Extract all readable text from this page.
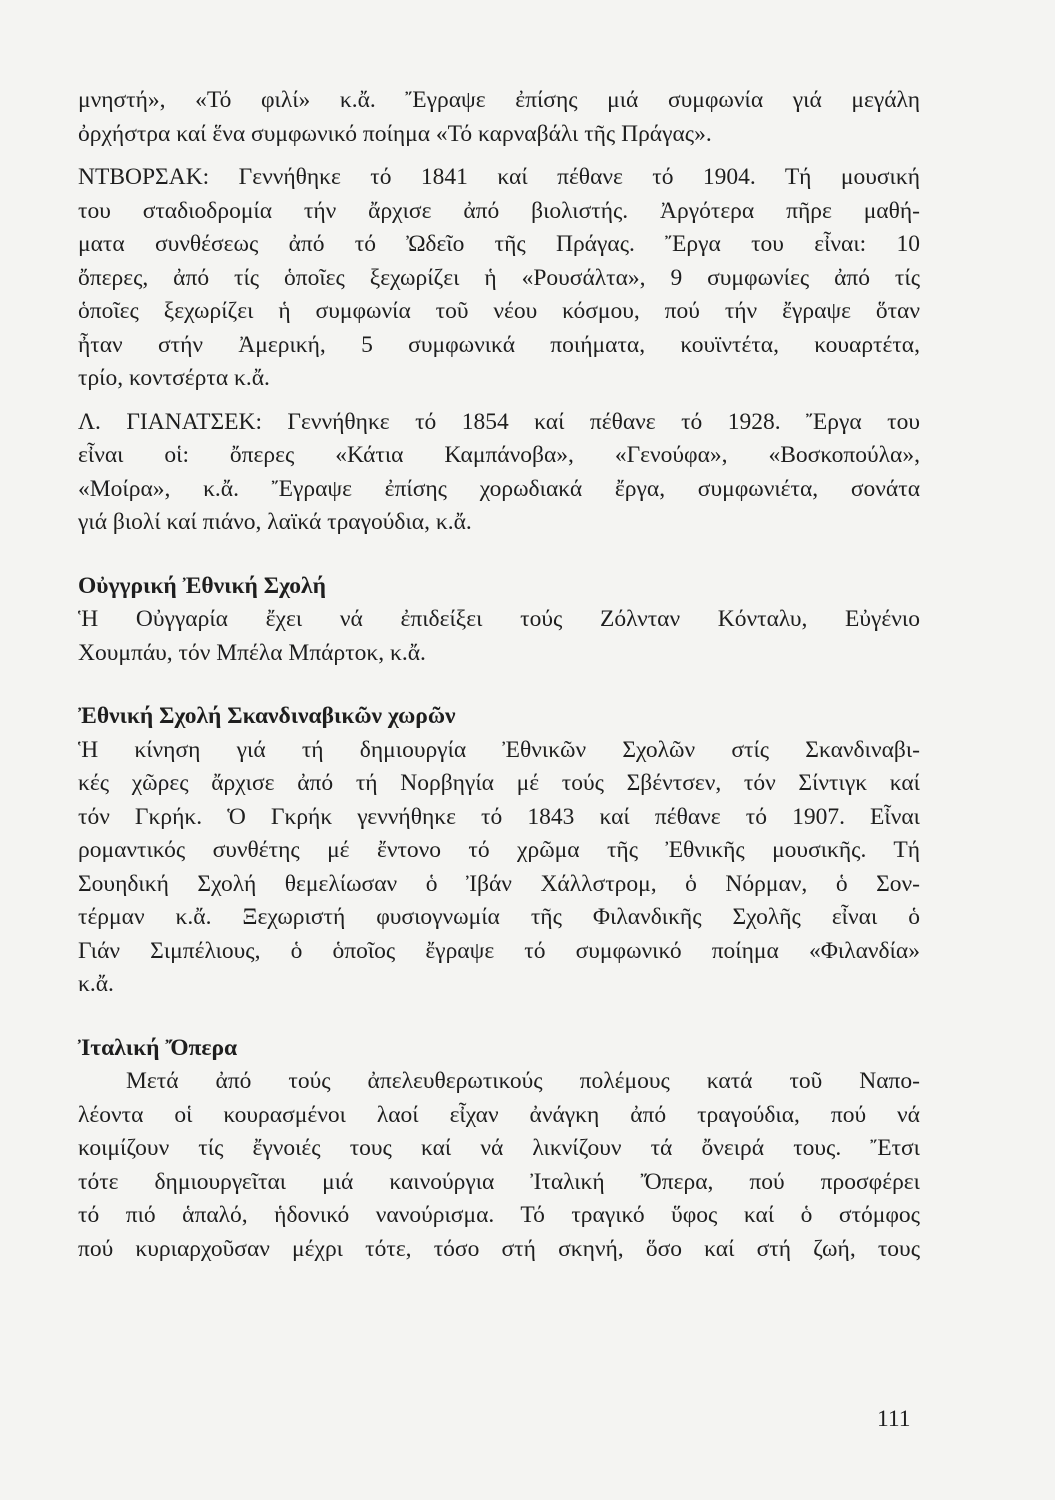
μνηστή», «Τό φιλί» κ.ἄ. Ἔγραψε ἐπίσης μιά συμφωνία γιά μεγάλη
ὀρχήστρα καί ἕνα συμφωνικό ποίημα «Τό καρναβάλι τῆς Πράγας».
ΝΤΒΟΡΣΑΚ: Γεννήθηκε τό 1841 καί πέθανε τό 1904. Τή μουσική
του σταδιοδρομία τήν ἄρχισε ἀπό βιολιστής. Ἀργότερα πῆρε μαθή-
ματα συνθέσεως ἀπό τό Ὠδεῖο τῆς Πράγας. Ἔργα του εἶναι: 10
ὄπερες, ἀπό τίς ὁποῖες ξεχωρίζει ἡ «Ρουσάλτα», 9 συμφωνίες ἀπό τίς
ὁποῖες ξεχωρίζει ἡ συμφωνία τοῦ νέου κόσμου, πού τήν ἔγραψε ὅταν
ἦταν στήν Ἀμερική, 5 συμφωνικά ποιήματα, κουϊντέτα, κουαρτέτα,
τρίο, κοντσέρτα κ.ἄ.
Λ. ΓΙΑΝΑΤΣΕΚ: Γεννήθηκε τό 1854 καί πέθανε τό 1928. Ἔργα του
εἶναι οἱ: ὄπερες «Κάτια Καμπάνοβα», «Γενούφα», «Βοσκοπούλα»,
«Μοίρα», κ.ἄ. Ἔγραψε ἐπίσης χορωδιακά ἔργα, συμφωνιέτα, σονάτα
γιά βιολί καί πιάνο, λαϊκά τραγούδια, κ.ἄ.
Οὐγγρική Ἐθνική Σχολή
Ἡ Οὐγγαρία ἔχει νά ἐπιδείξει τούς Ζόλνταν Κόνταλυ, Εὐγένιο
Χουμπάυ, τόν Μπέλα Μπάρτοκ, κ.ἄ.
Ἐθνική Σχολή Σκανδιναβικῶν χωρῶν
Ἡ κίνηση γιά τή δημιουργία Ἐθνικῶν Σχολῶν στίς Σκανδιναβι-
κές χῶρες ἄρχισε ἀπό τή Νορβηγία μέ τούς Σβέντσεν, τόν Σίντιγκ καί
τόν Γκρήκ. Ὁ Γκρήκ γεννήθηκε τό 1843 καί πέθανε τό 1907. Εἶναι
ρομαντικός συνθέτης μέ ἔντονο τό χρῶμα τῆς Ἐθνικῆς μουσικῆς. Τή
Σουηδική Σχολή θεμελίωσαν ὁ Ἰβάν Χάλλστρομ, ὁ Νόρμαν, ὁ Σον-
τέρμαν κ.ἄ. Ξεχωριστή φυσιογνωμία τῆς Φιλανδικῆς Σχολῆς εἶναι ὁ
Γιάν Σιμπέλιους, ὁ ὁποῖος ἔγραψε τό συμφωνικό ποίημα «Φιλανδία»
κ.ἄ.
Ἰταλική Ὄπερα
Μετά ἀπό τούς ἀπελευθερωτικούς πολέμους κατά τοῦ Ναπο-
λέοντα οἱ κουρασμένοι λαοί εἶχαν ἀνάγκη ἀπό τραγούδια, πού νά
κοιμίζουν τίς ἔγνοιές τους καί νά λικνίζουν τά ὄνειρά τους. Ἔτσι
τότε δημιουργεῖται μιά καινούργια Ἰταλική Ὄπερα, πού προσφέρει
τό πιό ἁπαλό, ἡδονικό νανούρισμα. Τό τραγικό ὕφος καί ὁ στόμφος
πού κυριαρχοῦσαν μέχρι τότε, τόσο στή σκηνή, ὅσο καί στή ζωή, τους
111
